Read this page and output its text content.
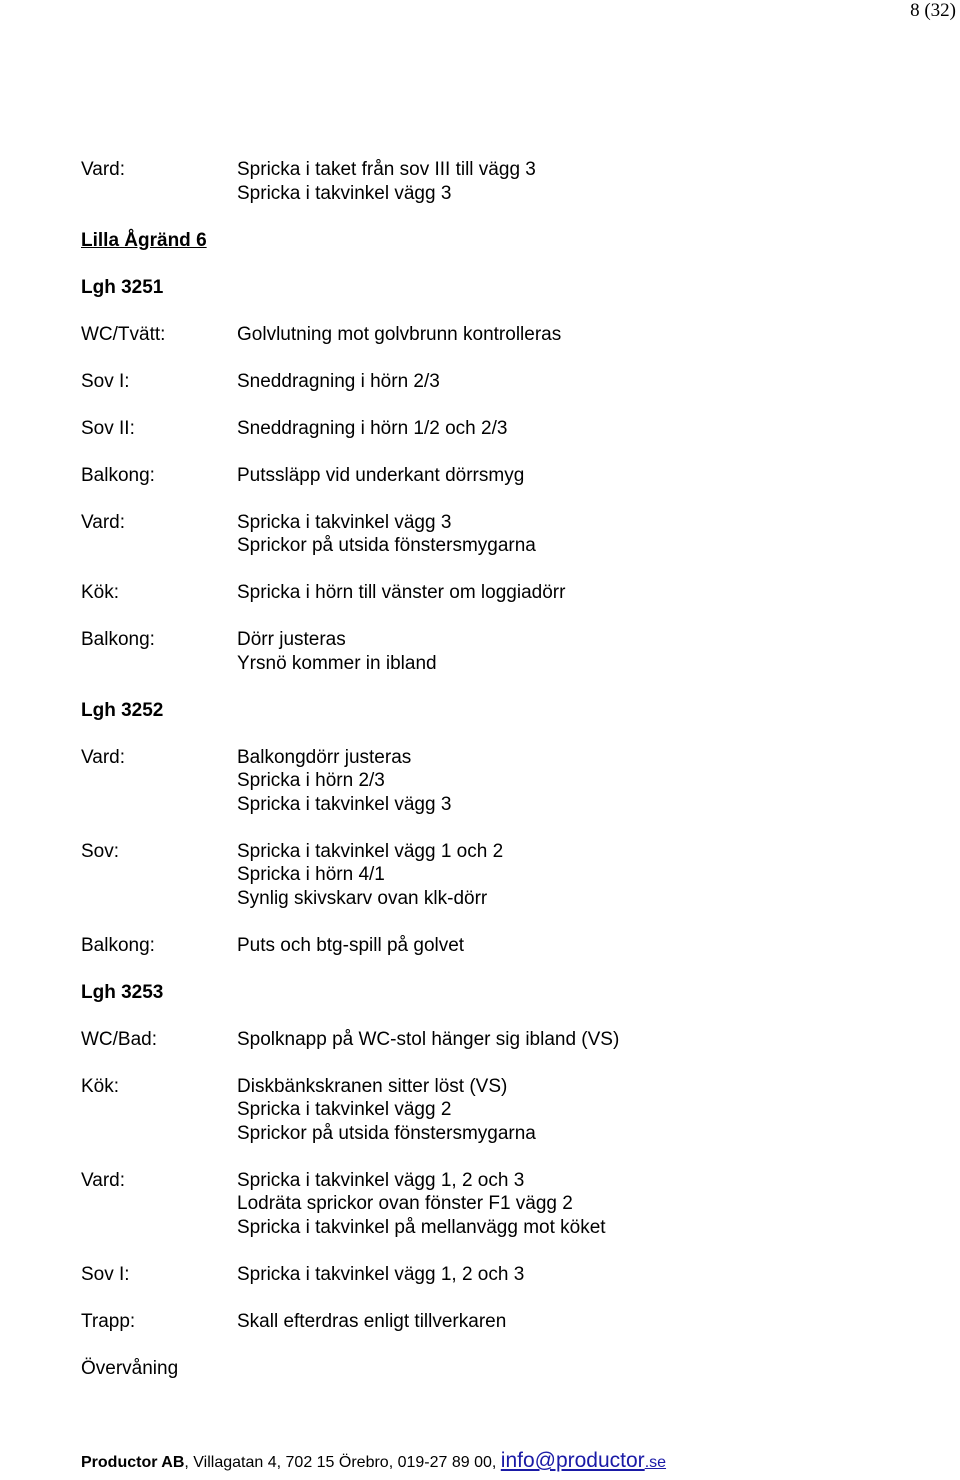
8 (32)
Vard:	Spricka i taket från sov III till vägg 3
Spricka i takvinkel vägg 3
Lilla Ågränd 6
Lgh 3251
WC/Tvätt:	Golvlutning mot golvbrunn kontrolleras
Sov I:	Sneddragning i hörn 2/3
Sov II:	Sneddragning i hörn 1/2 och 2/3
Balkong:	Putssläpp vid underkant dörrsmyg
Vard:	Spricka i takvinkel vägg 3
Sprickor på utsida fönstersmygarna
Kök:	Spricka i hörn till vänster om loggiadörr
Balkong:	Dörr justeras
Yrsnö kommer in ibland
Lgh 3252
Vard:	Balkongdörr justeras
Spricka i hörn 2/3
Spricka i takvinkel vägg 3
Sov:	Spricka i takvinkel vägg 1 och 2
Spricka i hörn 4/1
Synlig skivskarv ovan klk-dörr
Balkong:	Puts och btg-spill på golvet
Lgh 3253
WC/Bad:	Spolknapp på WC-stol hänger sig ibland (VS)
Kök:	Diskbänkskranen sitter löst (VS)
Spricka i takvinkel vägg 2
Sprickor på utsida fönstersmygarna
Vard:	Spricka i takvinkel vägg 1, 2 och 3
Lodräta sprickor ovan fönster F1 vägg 2
Spricka i takvinkel på mellanvägg mot köket
Sov I:	Spricka i takvinkel vägg 1, 2 och 3
Trapp:	Skall efterdras enligt tillverkaren
Övervåning
Productor AB, Villagatan 4, 702 15 Örebro, 019-27 89 00, info@productor.se
